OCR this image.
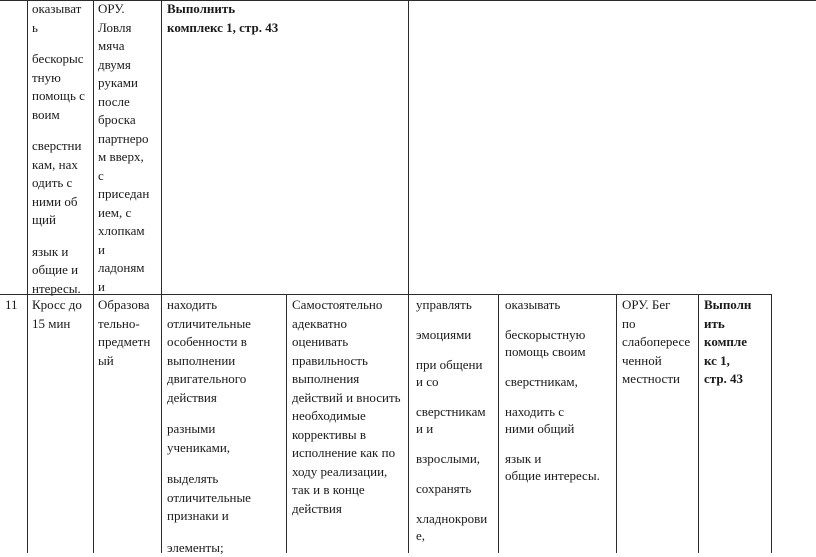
оказыват

ь

бескорыс

тную

помощь с

воим

сверстни

кам, нах

одить с

ними об

щий

язык и

общие и

нтересы.

ОРУ.

Ловля

мяча

двумя

руками

после

броска

партнеро

м вверх,

с

приседан

ием, с

хлопкам

и

ладоням

и

Выполнить

комплекс 1, стр. 43

11	Кросс до

15 мин

Образова

тельно-

предметн

ый

находить

отличительные

особенности в

выполнении

двигательного

действия

разными

учениками,

выделять

отличительные

признаки и

элементы;

Самостоятельно

адекватно

оценивать

правильность

выполнения

действий и вносить

необходимые

коррективы в

исполнение как по

ходу реализации,

так и в конце

действия

управлять

эмоциями

при общени

и со

сверстникам

и и

взрослыми,

сохранять

хладнокрови

е,

оказывать

бескорыстную

помощь своим

сверстникам,

находить с

ними общий

язык и

общие интересы.

ОРУ. Бег

по

слабопересе

ченной

местности

Выполн

ить

компле

кс 1,

стр. 43
